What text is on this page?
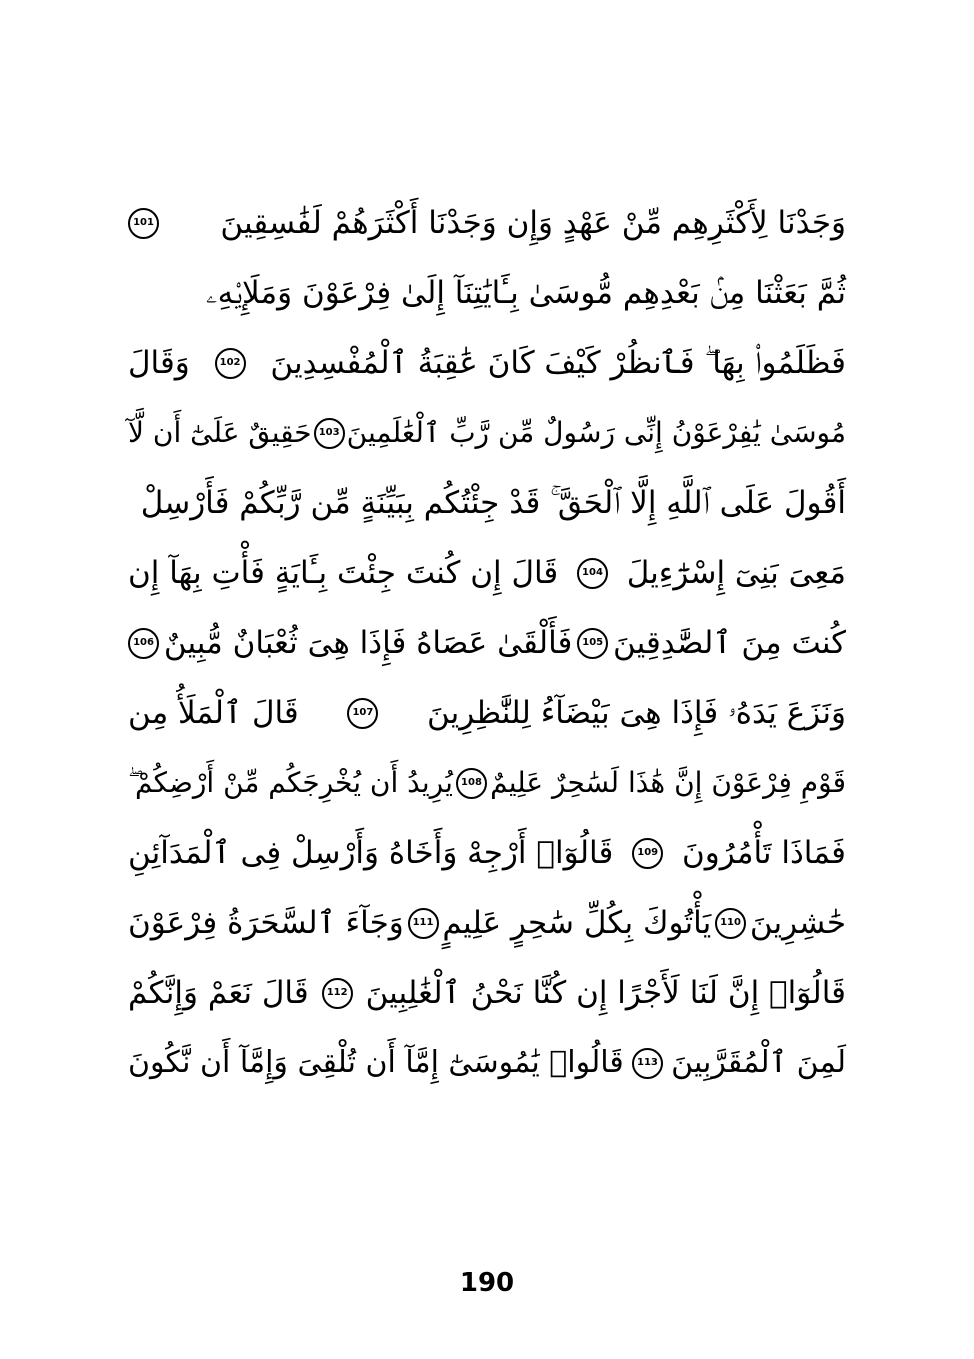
وَجَدْنَا لِأَكْثَرِهِم مِّنْ عَهْدٍ وَإِن وَجَدْنَا أَكْثَرَهُمْ لَفَٰسِقِينَ
101
ثُمَّ بَعَثْنَا مِنۢ بَعْدِهِم مُّوسَىٰ بِـَٔايَٰتِنَآ إِلَىٰ فِرْعَوْنَ وَمَلَإِي۟هِۦ
فَظَلَمُوا۟ بِهَا ۖ فَٱنظُرْ كَيْفَ كَانَ عَٰقِبَةُ ٱلْمُفْسِدِينَ
102
وَقَالَ
مُوسَىٰ يَٰفِرْعَوْنُ إِنِّى رَسُولٌ مِّن رَّبِّ ٱلْعَٰلَمِينَ
103
حَقِيقٌ عَلَىٰٓ أَن لَّآ
أَقُولَ عَلَى ٱللَّهِ إِلَّا ٱلْحَقَّ ۚ قَدْ جِئْتُكُم بِبَيِّنَةٍ مِّن رَّبِّكُمْ فَأَرْسِلْ
مَعِىَ بَنِىٓ إِسْرَٰٓءِيلَ
104
قَالَ إِن كُنتَ جِئْتَ بِـَٔايَةٍ فَأْتِ بِهَآ إِن
كُنتَ مِنَ ٱلصَّٰدِقِينَ
105
فَأَلْقَىٰ عَصَاهُ فَإِذَا هِىَ ثُعْبَانٌ مُّبِينٌ
106
وَنَزَعَ يَدَهُۥ فَإِذَا هِىَ بَيْضَآءُ لِلنَّٰظِرِينَ
107
قَالَ ٱلْمَلَأُ مِن
قَوْمِ فِرْعَوْنَ إِنَّ هَٰذَا لَسَٰحِرٌ عَلِيمٌ
108
يُرِيدُ أَن يُخْرِجَكُم مِّنْ أَرْضِكُمْ ۖ
فَمَاذَا تَأْمُرُونَ
109
قَالُوٓا۟ أَرْجِهْ وَأَخَاهُ وَأَرْسِلْ فِى ٱلْمَدَآئِنِ
حَٰشِرِينَ
110
يَأْتُوكَ بِكُلِّ سَٰحِرٍ عَلِيمٍ
111
وَجَآءَ ٱلسَّحَرَةُ فِرْعَوْنَ
قَالُوٓا۟ إِنَّ لَنَا لَأَجْرًا إِن كُنَّا نَحْنُ ٱلْغَٰلِبِينَ
112
قَالَ نَعَمْ وَإِنَّكُمْ
لَمِنَ ٱلْمُقَرَّبِينَ
113
قَالُوا۟ يَٰمُوسَىٰٓ إِمَّآ أَن تُلْقِىَ وَإِمَّآ أَن نَّكُونَ
190
